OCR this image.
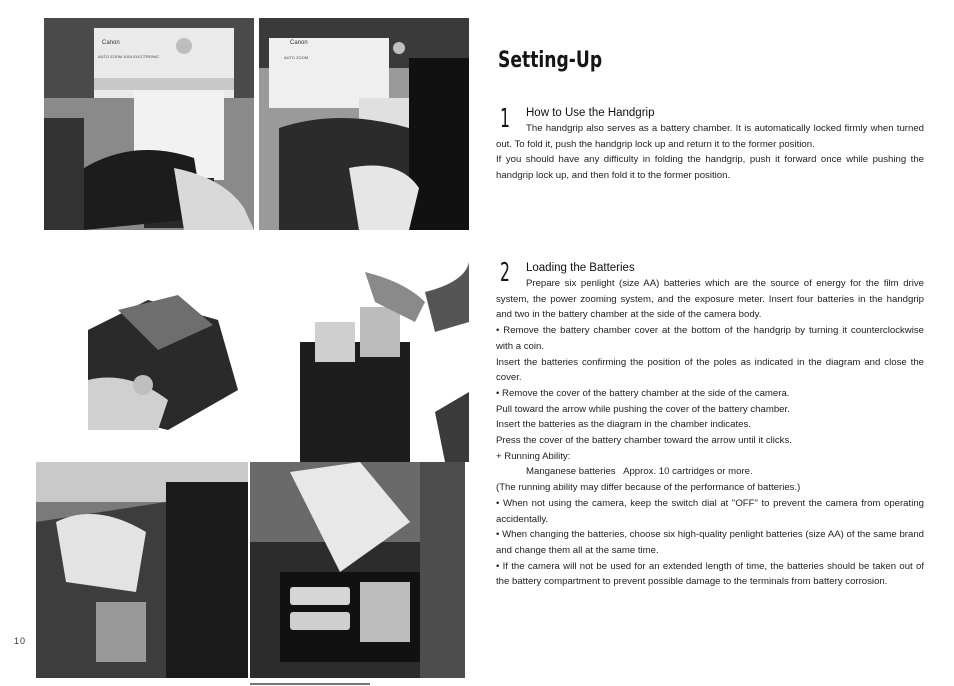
Canon
AUTO ZOOM 1014 ELECTRONIC
Canon
AUTO ZOOM
10
Setting-Up
1 How to Use the Handgrip

The handgrip also serves as a battery chamber. It is automatically locked firmly when turned out. To fold it, push the handgrip lock up and return it to the former position.

If you should have any difficulty in folding the handgrip, push it forward once while pushing the handgrip lock up, and then fold it to the former position.

2 Loading the Batteries

Prepare six penlight (size AA) batteries which are the source of energy for the film drive system, the power zooming system, and the exposure meter. Insert four batteries in the handgrip and two in the battery chamber at the side of the camera body.

• Remove the battery chamber cover at the bottom of the handgrip by turning it counterclockwise with a coin.

Insert the batteries confirming the position of the poles as indicated in the diagram and close the cover.

• Remove the cover of the battery chamber at the side of the camera.

Pull toward the arrow while pushing the cover of the battery chamber.

Insert the batteries as the diagram in the chamber indicates.

Press the cover of the battery chamber toward the arrow until it clicks.

+ Running Ability:

Manganese batteries   Approx. 10 cartridges or more.

(The running ability may differ because of the performance of batteries.)

• When not using the camera, keep the switch dial at "OFF" to prevent the camera from operating accidentally.

• When changing the batteries, choose six high-quality penlight batteries (size AA) of the same brand and change them all at the same time.

• If the camera will not be used for an extended length of time, the batteries should be taken out of the battery compartment to prevent possible damage to the terminals from battery corrosion.
